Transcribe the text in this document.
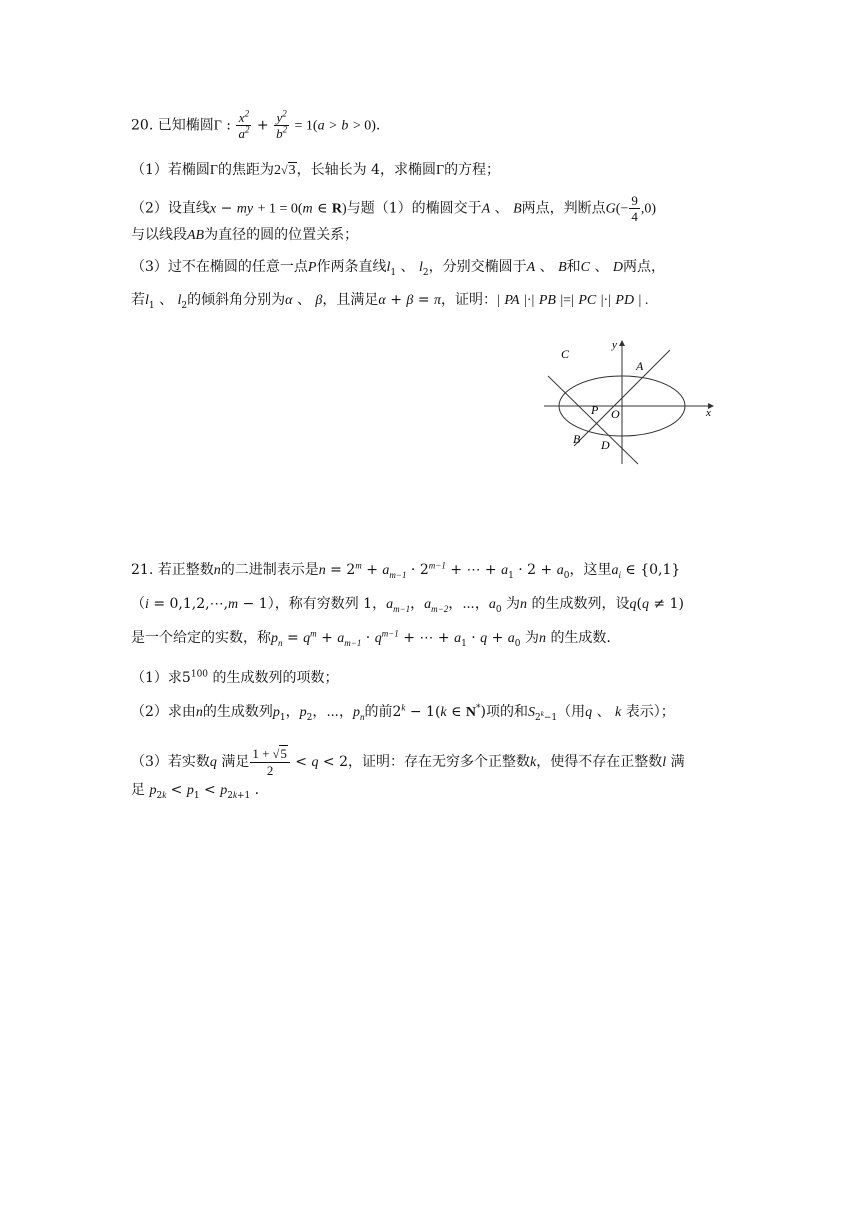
20. 已知椭圆Γ : $\frac{x^2}{a^2} + \frac{y^2}{b^2} = 1(a > b > 0)$.
（1）若椭圆Γ的焦距为2√3，长轴长为 4，求椭圆Γ的方程；
（2）设直线x − my + 1 = 0(m ∈ R)与题（1）的椭圆交于A 、 B两点，判断点$G(- \frac{9}{4} ,0)$
与以线段AB为直径的圆的位置关系；
（3）过不在椭圆的任意一点P作两条直线$l_1$ 、 $l_2$，分别交椭圆于A 、 B和C 、 D两点，
若$l_1$ 、 $l_2$的倾斜角分别为α 、 β，且满足α + β = π，证明：| PA |·| PB |=| PC |·| PD | .
y
x
A
C
P O
B D
21. 若正整数n的二进制表示是$n = 2^m + a_{m-1} \cdot 2^{m-1}$ + ⋯ + $a_1 \cdot 2 + a_0$，这里$a_i$ ∈ {0,1}
（i = 0,1,2,⋯,m − 1），称有穷数列 1，$a_{m-1}$，$a_{m-2}$，⋯，$a_0$ 为n 的生成数列，设q(q ≠ 1)
是一个给定的实数，称$p_n = q^m + a_{m-1} \cdot q^{m-1}$ + ⋯ + $a_1 \cdot q + a_0$ 为n 的生成数.
（1）求$5^{100}$ 的生成数列的项数；
（2）求由n的生成数列$p_1$，$p_2$，⋯，$p_n$的前$2^k - 1(k$ ∈ N*)项的和$S_{2^k-1}$（用q 、 k 表示）；
（3）若实数q 满足 $\frac{1 + √5}{2} < q < 2$，证明：存在无穷多个正整数k，使得不存在正整数l 满
足 $p_{2k} < p_1 < p_{2k+1}$ .
